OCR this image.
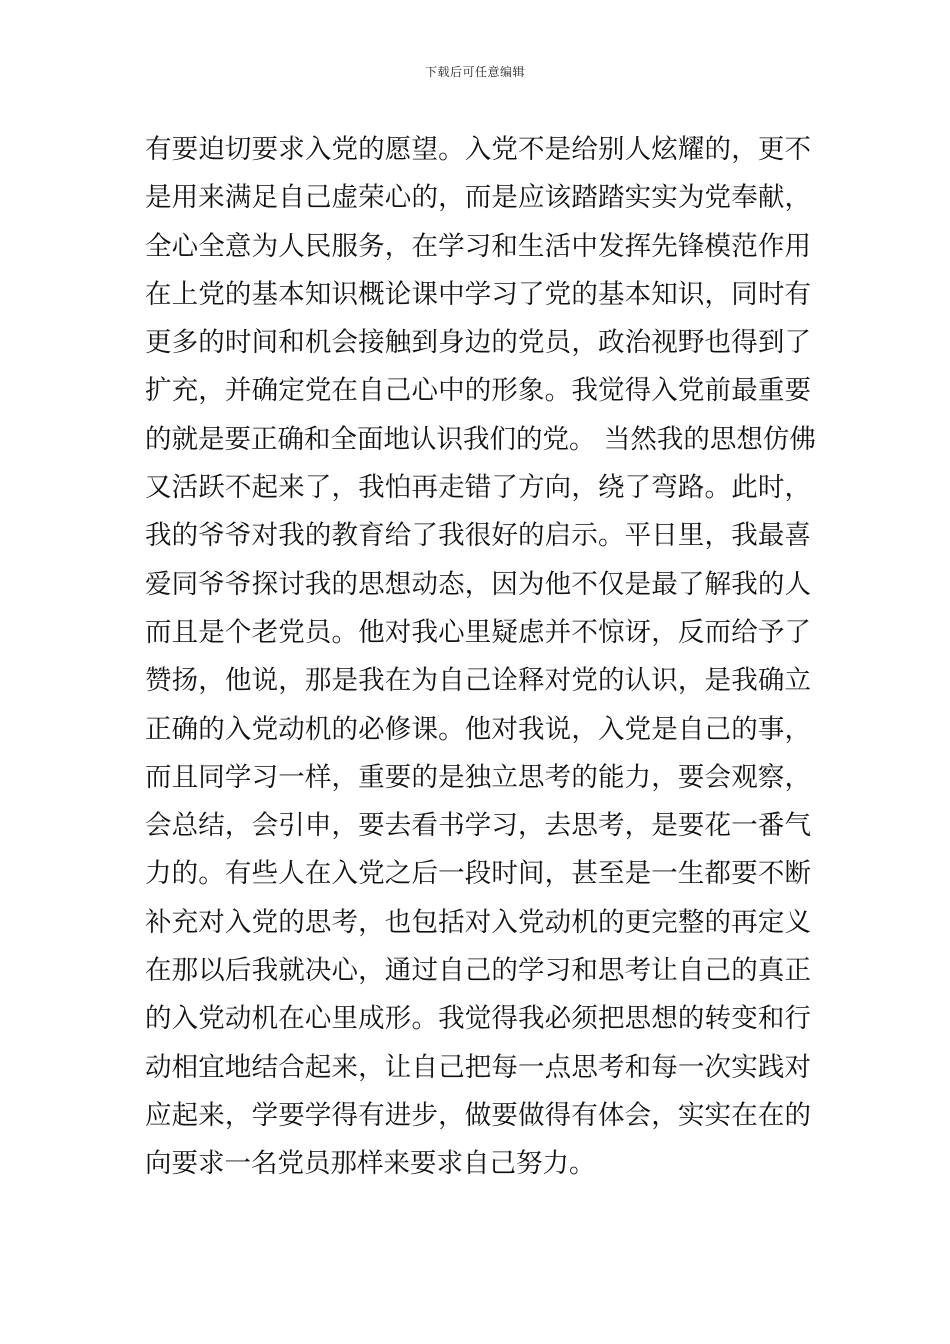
下载后可任意编辑
有要迫切要求入党的愿望。入党不是给别人炫耀的，更不
是用来满足自己虚荣心的，而是应该踏踏实实为党奉献，
全心全意为人民服务，在学习和生活中发挥先锋模范作用
在上党的基本知识概论课中学习了党的基本知识，同时有
更多的时间和机会接触到身边的党员，政治视野也得到了
扩充，并确定党在自己心中的形象。我觉得入党前最重要
的就是要正确和全面地认识我们的党。 当然我的思想仿佛
又活跃不起来了，我怕再走错了方向，绕了弯路。此时，
我的爷爷对我的教育给了我很好的启示。平日里，我最喜
爱同爷爷探讨我的思想动态，因为他不仅是最了解我的人
而且是个老党员。他对我心里疑虑并不惊讶，反而给予了
赞扬，他说，那是我在为自己诠释对党的认识，是我确立
正确的入党动机的必修课。他对我说，入党是自己的事，
而且同学习一样，重要的是独立思考的能力，要会观察，
会总结，会引申，要去看书学习，去思考，是要花一番气
力的。有些人在入党之后一段时间，甚至是一生都要不断
补充对入党的思考，也包括对入党动机的更完整的再定义
在那以后我就决心，通过自己的学习和思考让自己的真正
的入党动机在心里成形。我觉得我必须把思想的转变和行
动相宜地结合起来，让自己把每一点思考和每一次实践对
应起来，学要学得有进步，做要做得有体会，实实在在的
向要求一名党员那样来要求自己努力。
